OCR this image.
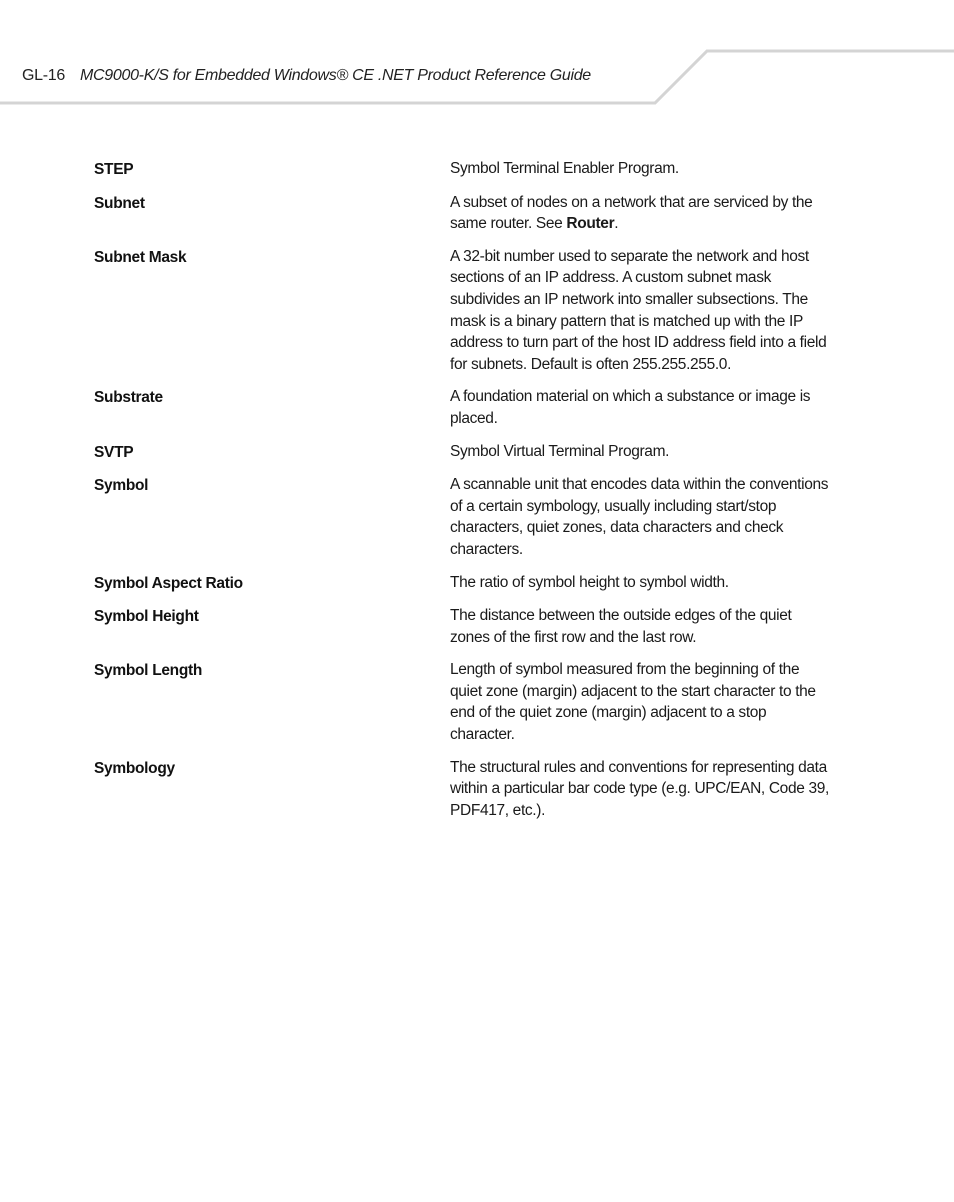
GL-16 MC9000-K/S for Embedded Windows® CE .NET Product Reference Guide
STEP	Symbol Terminal Enabler Program.
Subnet	A subset of nodes on a network that are serviced by the same router. See Router.
Subnet Mask	A 32-bit number used to separate the network and host sections of an IP address. A custom subnet mask subdivides an IP network into smaller subsections. The mask is a binary pattern that is matched up with the IP address to turn part of the host ID address field into a field for subnets. Default is often 255.255.255.0.
Substrate	A foundation material on which a substance or image is placed.
SVTP	Symbol Virtual Terminal Program.
Symbol	A scannable unit that encodes data within the conventions of a certain symbology, usually including start/stop characters, quiet zones, data characters and check characters.
Symbol Aspect Ratio	The ratio of symbol height to symbol width.
Symbol Height	The distance between the outside edges of the quiet zones of the first row and the last row.
Symbol Length	Length of symbol measured from the beginning of the quiet zone (margin) adjacent to the start character to the end of the quiet zone (margin) adjacent to a stop character.
Symbology	The structural rules and conventions for representing data within a particular bar code type (e.g. UPC/EAN, Code 39, PDF417, etc.).
